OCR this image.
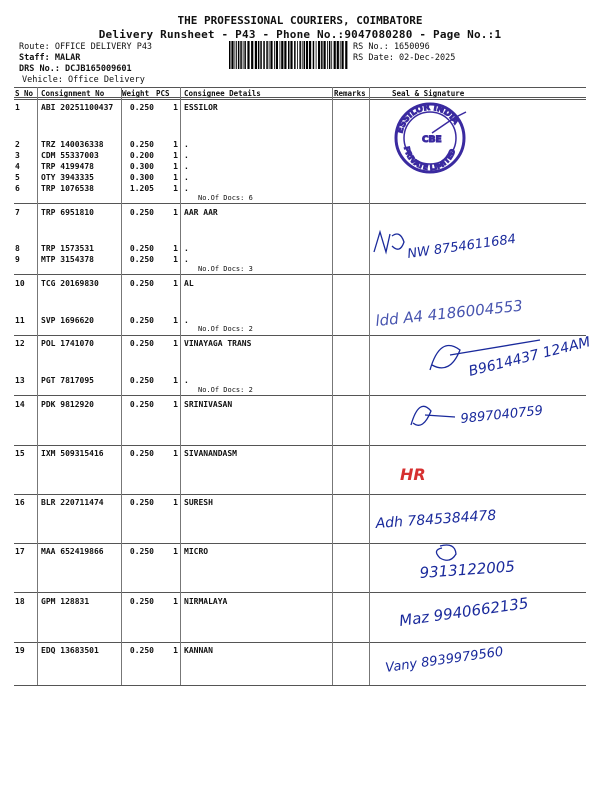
THE PROFESSIONAL COURIERS, COIMBATORE
Delivery Runsheet - P43 - Phone No.:9047080280 - Page No.:1
Route: OFFICE DELIVERY P43
Staff: MALAR
DRS No.: DCJB165009601
Vehicle: Office Delivery
RS No.: 1650096
RS Date: 02-Dec-2025
S No Consignment No Weight PCS Consignee Details	Remarks	Seal & Signature
1	ABI 20251100437	0.250	1 ESSILOR
2	TRZ 140036338	0.250	1 .
3	CDM 55337003	0.200	1 .
4	TRP 4199478	0.300	1 .
5	OTY 3943335	0.300	1 .
6	TRP 1076538	1.205	1 .
7	TRP 6951810	0.250	1 AAR AAR
8	TRP 1573531	0.250	1 .
9	MTP 3154378	0.250	1 .
10 TCG 20169830	0.250	1 AL
11 SVP 1696620	0.250	1 .
12 POL 1741070	0.250	1 VINAYAGA TRANS
13 PGT 7817095	0.250	1 .
14 PDK 9812920	0.250	1 SRINIVASAN
15 IXM 509315416	0.250	1 SIVANANDASM
16 BLR 220711474	0.250	1 SURESH
17 MAA 652419866	0.250	1 MICRO
18 GPM 128831	0.250	1 NIRMALAYA
19 EDQ 13683501	0.250	1 KANNAN
No.Of Docs: 6
No.Of Docs: 3
No.Of Docs: 2
No.Of Docs: 2
ESSILOR INDIA
PRIVATE LIMITED
CBE
NW 8754611684
ldd A4 4186004553
B9614437 124AM
9897040759
HR
Adh 7845384478
9313122005
Maz 9940662135
Vany 8939979560
